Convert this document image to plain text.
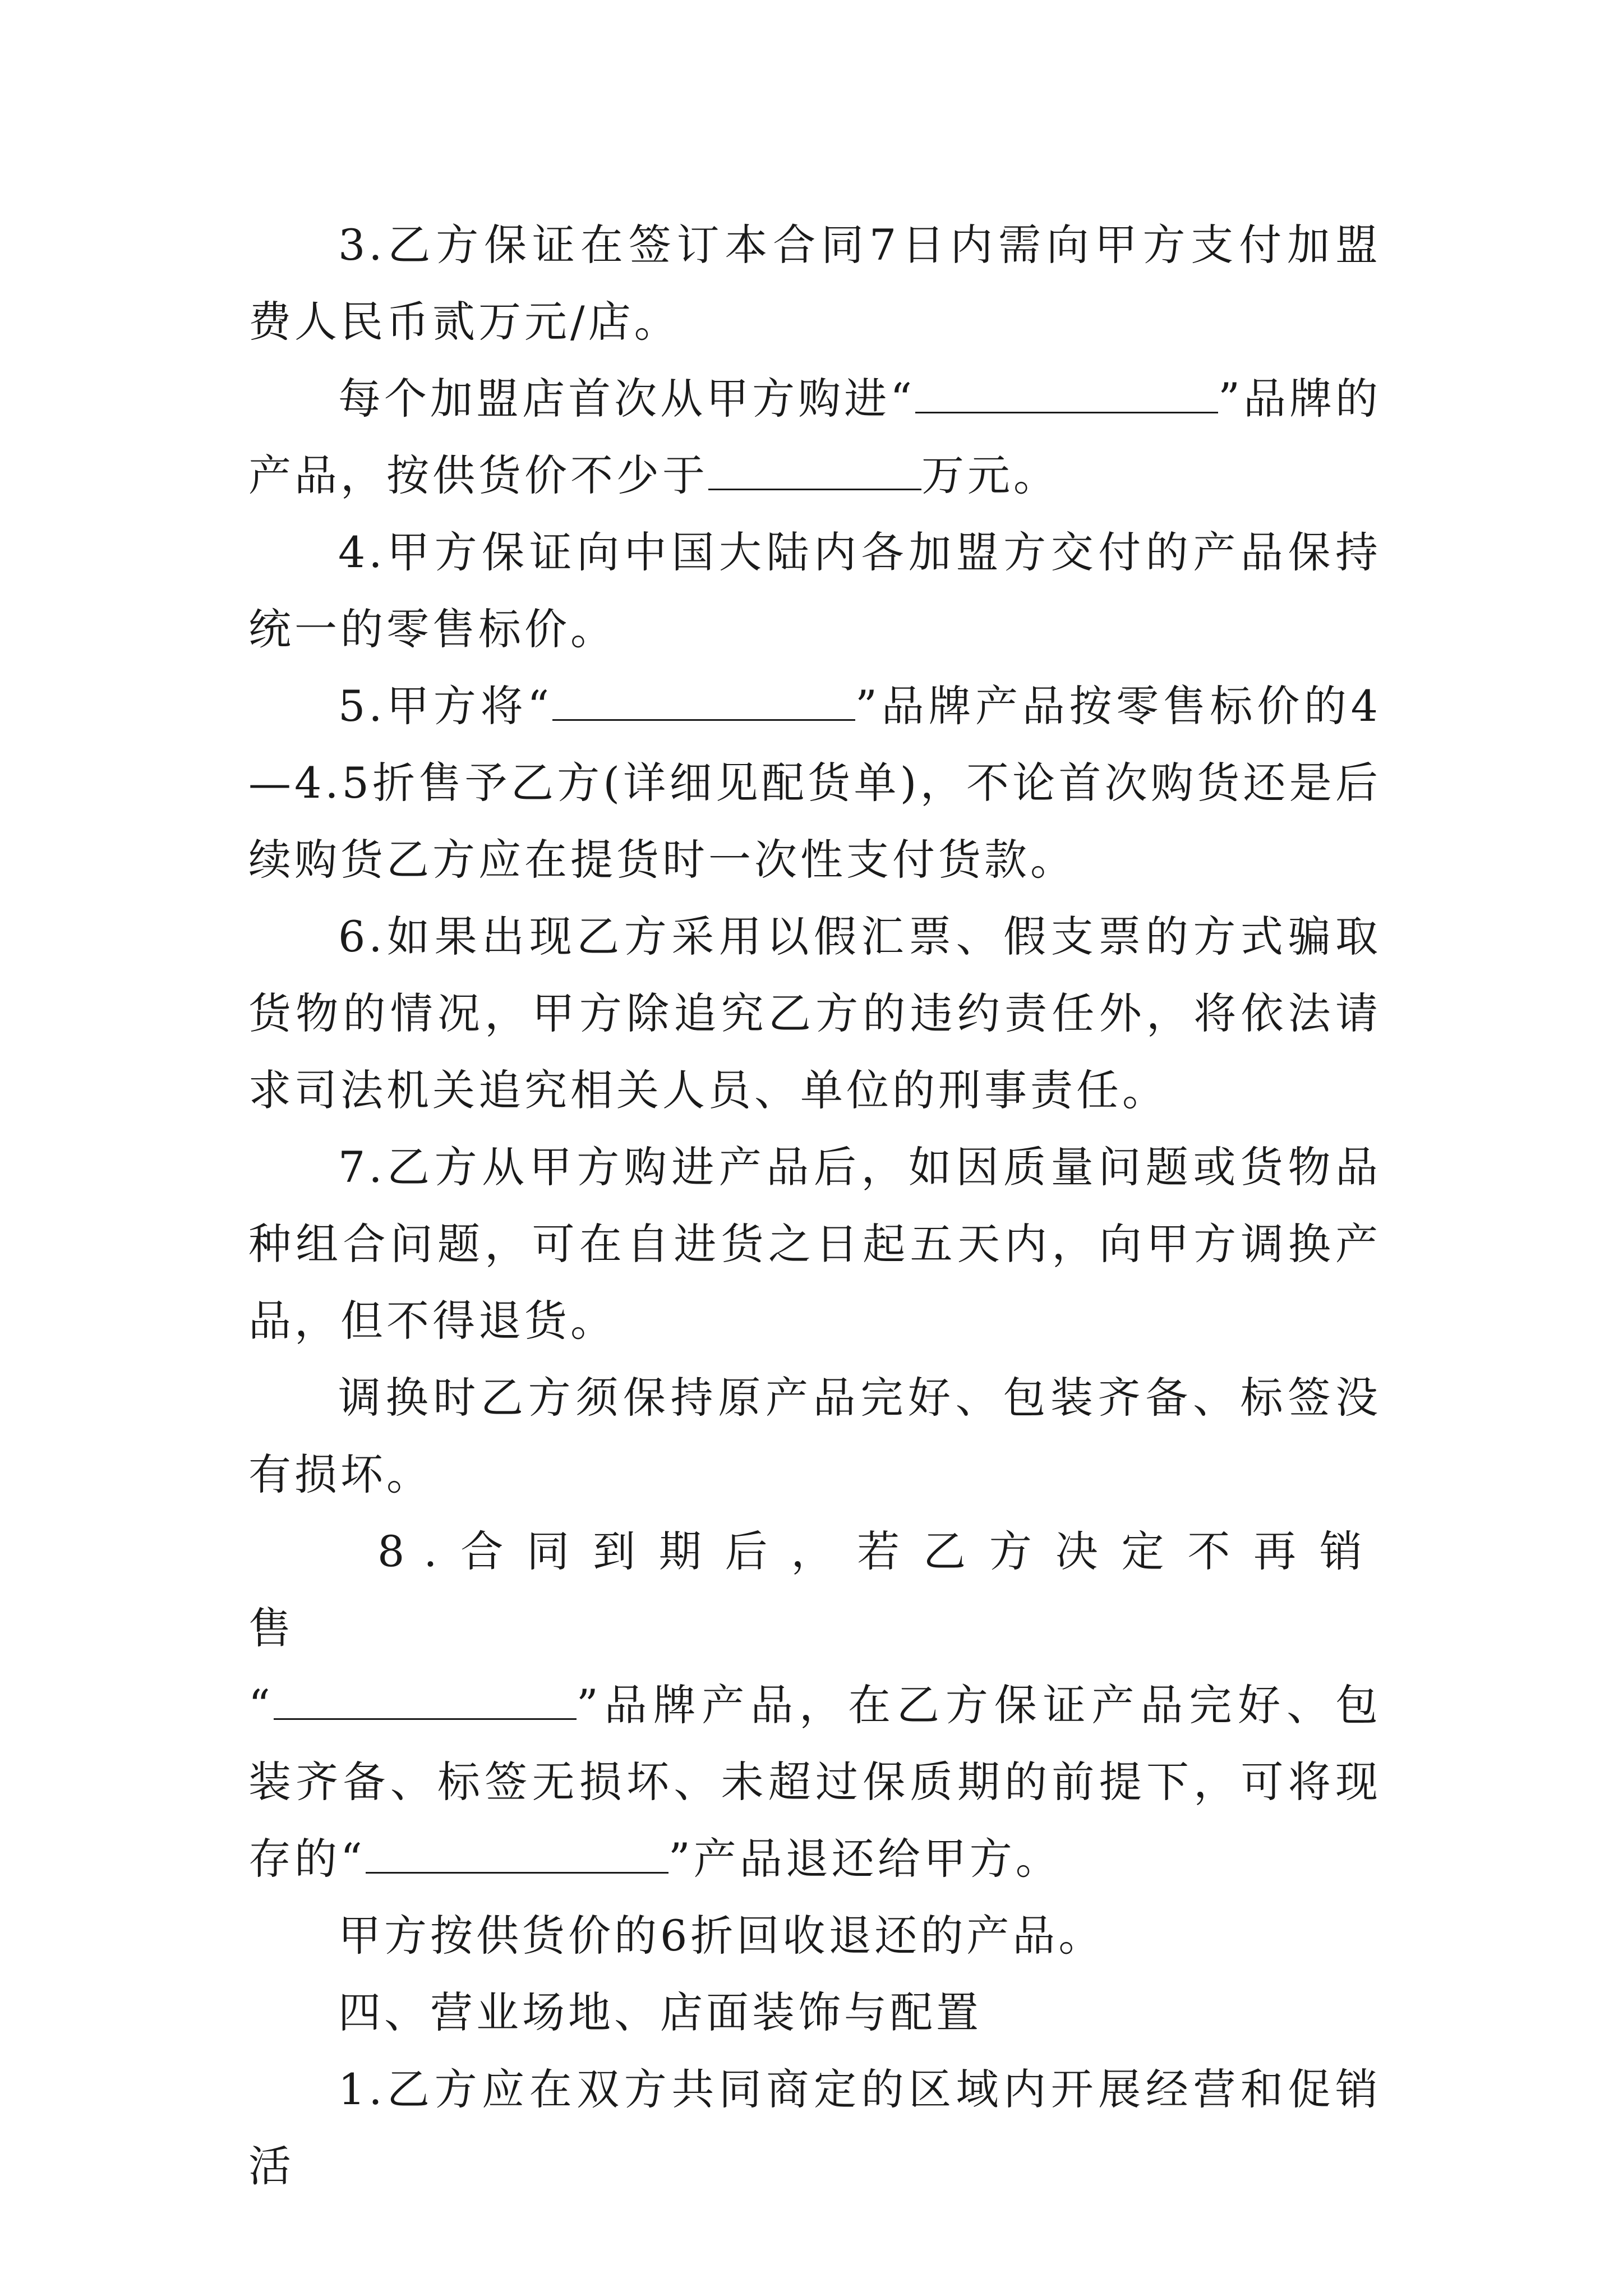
3.乙方保证在签订本合同7日内需向甲方支付加盟费人民币贰万元/店。

每个加盟店首次从甲方购进“	”品牌的产品，按供货价不少于	万元。

4.甲方保证向中国大陆内各加盟方交付的产品保持统一的零售标价。

5.甲方将“	”品牌产品按零售标价的4—4.5折售予乙方(详细见配货单)，不论首次购货还是后续购货乙方应在提货时一次性支付货款。

6.如果出现乙方采用以假汇票、假支票的方式骗取货物的情况，甲方除追究乙方的违约责任外，将依法请求司法机关追究相关人员、单位的刑事责任。

7.乙方从甲方购进产品后，如因质量问题或货物品种组合问题，可在自进货之日起五天内，向甲方调换产品，但不得退货。

调换时乙方须保持原产品完好、包装齐备、标签没有损坏。

8.合同到期后，若乙方决定不再销售

“	”品牌产品，在乙方保证产品完好、包装齐备、标签无损坏、未超过保质期的前提下，可将现存的“	”产品退还给甲方。

甲方按供货价的6折回收退还的产品。

四、营业场地、店面装饰与配置

1.乙方应在双方共同商定的区域内开展经营和促销活
